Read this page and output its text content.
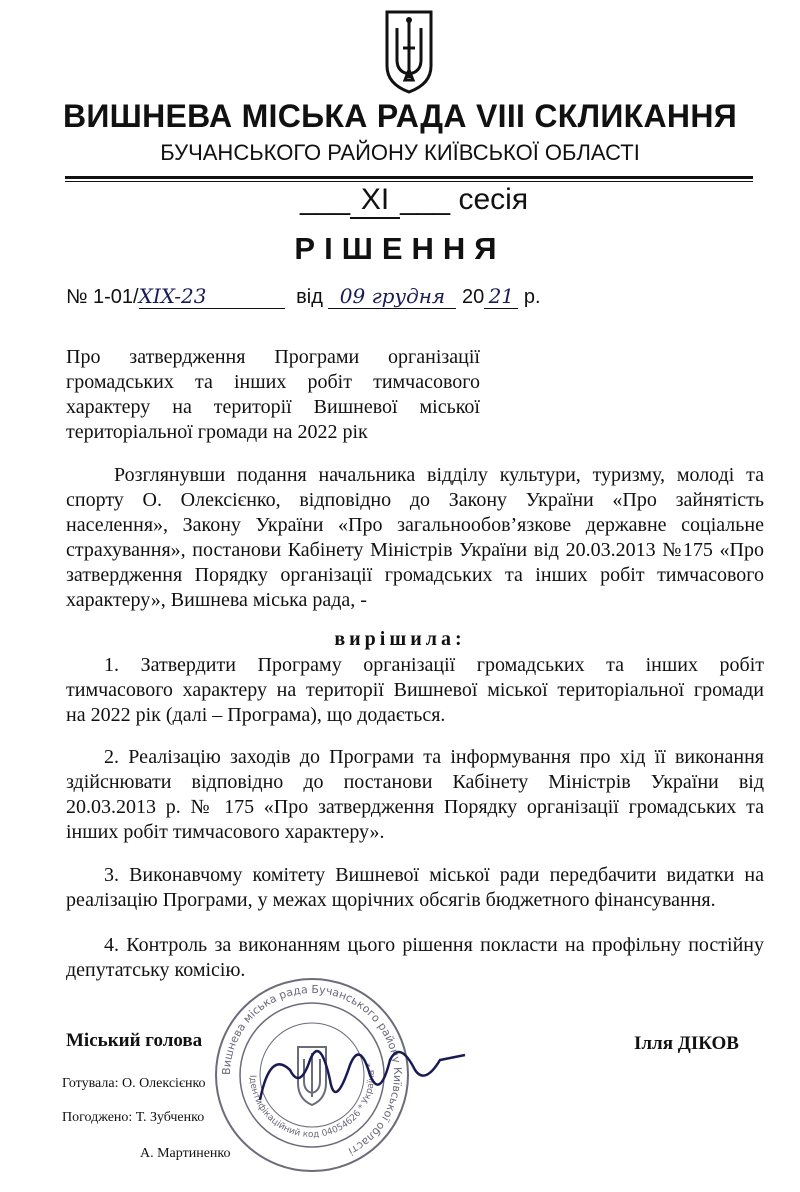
ВИШНЕВА МІСЬКА РАДА VIII СКЛИКАННЯ
БУЧАНСЬКОГО РАЙОНУ КИЇВСЬКОЇ ОБЛАСТІ
___ XI ___ сесія
РІШЕННЯ
№ 1-01/XIX-23	від 09 грудня 20 21 р.
Про затвердження Програми організації
громадських та інших робіт тимчасового
характеру на території Вишневої міської
територіальної громади на 2022 рік
Розглянувши подання начальника відділу культури, туризму, молоді та
спорту О. Олексієнко, відповідно до Закону України «Про зайнятість
населення», Закону України «Про загальнообов’язкове державне соціальне
страхування», постанови Кабінету Міністрів України від 20.03.2013 №175 «Про
затвердження Порядку організації громадських та інших робіт тимчасового
характеру», Вишнева міська рада, -
вирішила:
1. Затвердити Програму організації громадських та інших робіт
тимчасового характеру на території Вишневої міської територіальної громади
на 2022 рік (далі – Програма), що додається.
2. Реалізацію заходів до Програми та інформування про хід її виконання
здійснювати відповідно до постанови Кабінету Міністрів України від
20.03.2013 р. № 175 «Про затвердження Порядку організації громадських та
інших робіт тимчасового характеру».
3. Виконавчому комітету Вишневої міської ради передбачити видатки на
реалізацію Програми, у межах щорічних обсягів бюджетного фінансування.
4. Контроль за виконанням цього рішення покласти на профільну постійну
депутатську комісію.
Вишнева міська рада Бучанського району Київської області
Ідентифікаційний код 04054626 * Україна *
Міський голова	Ілля ДІКОВ
Готувала: О. Олексієнко
Погоджено: Т. Зубченко
А. Мартиненко
